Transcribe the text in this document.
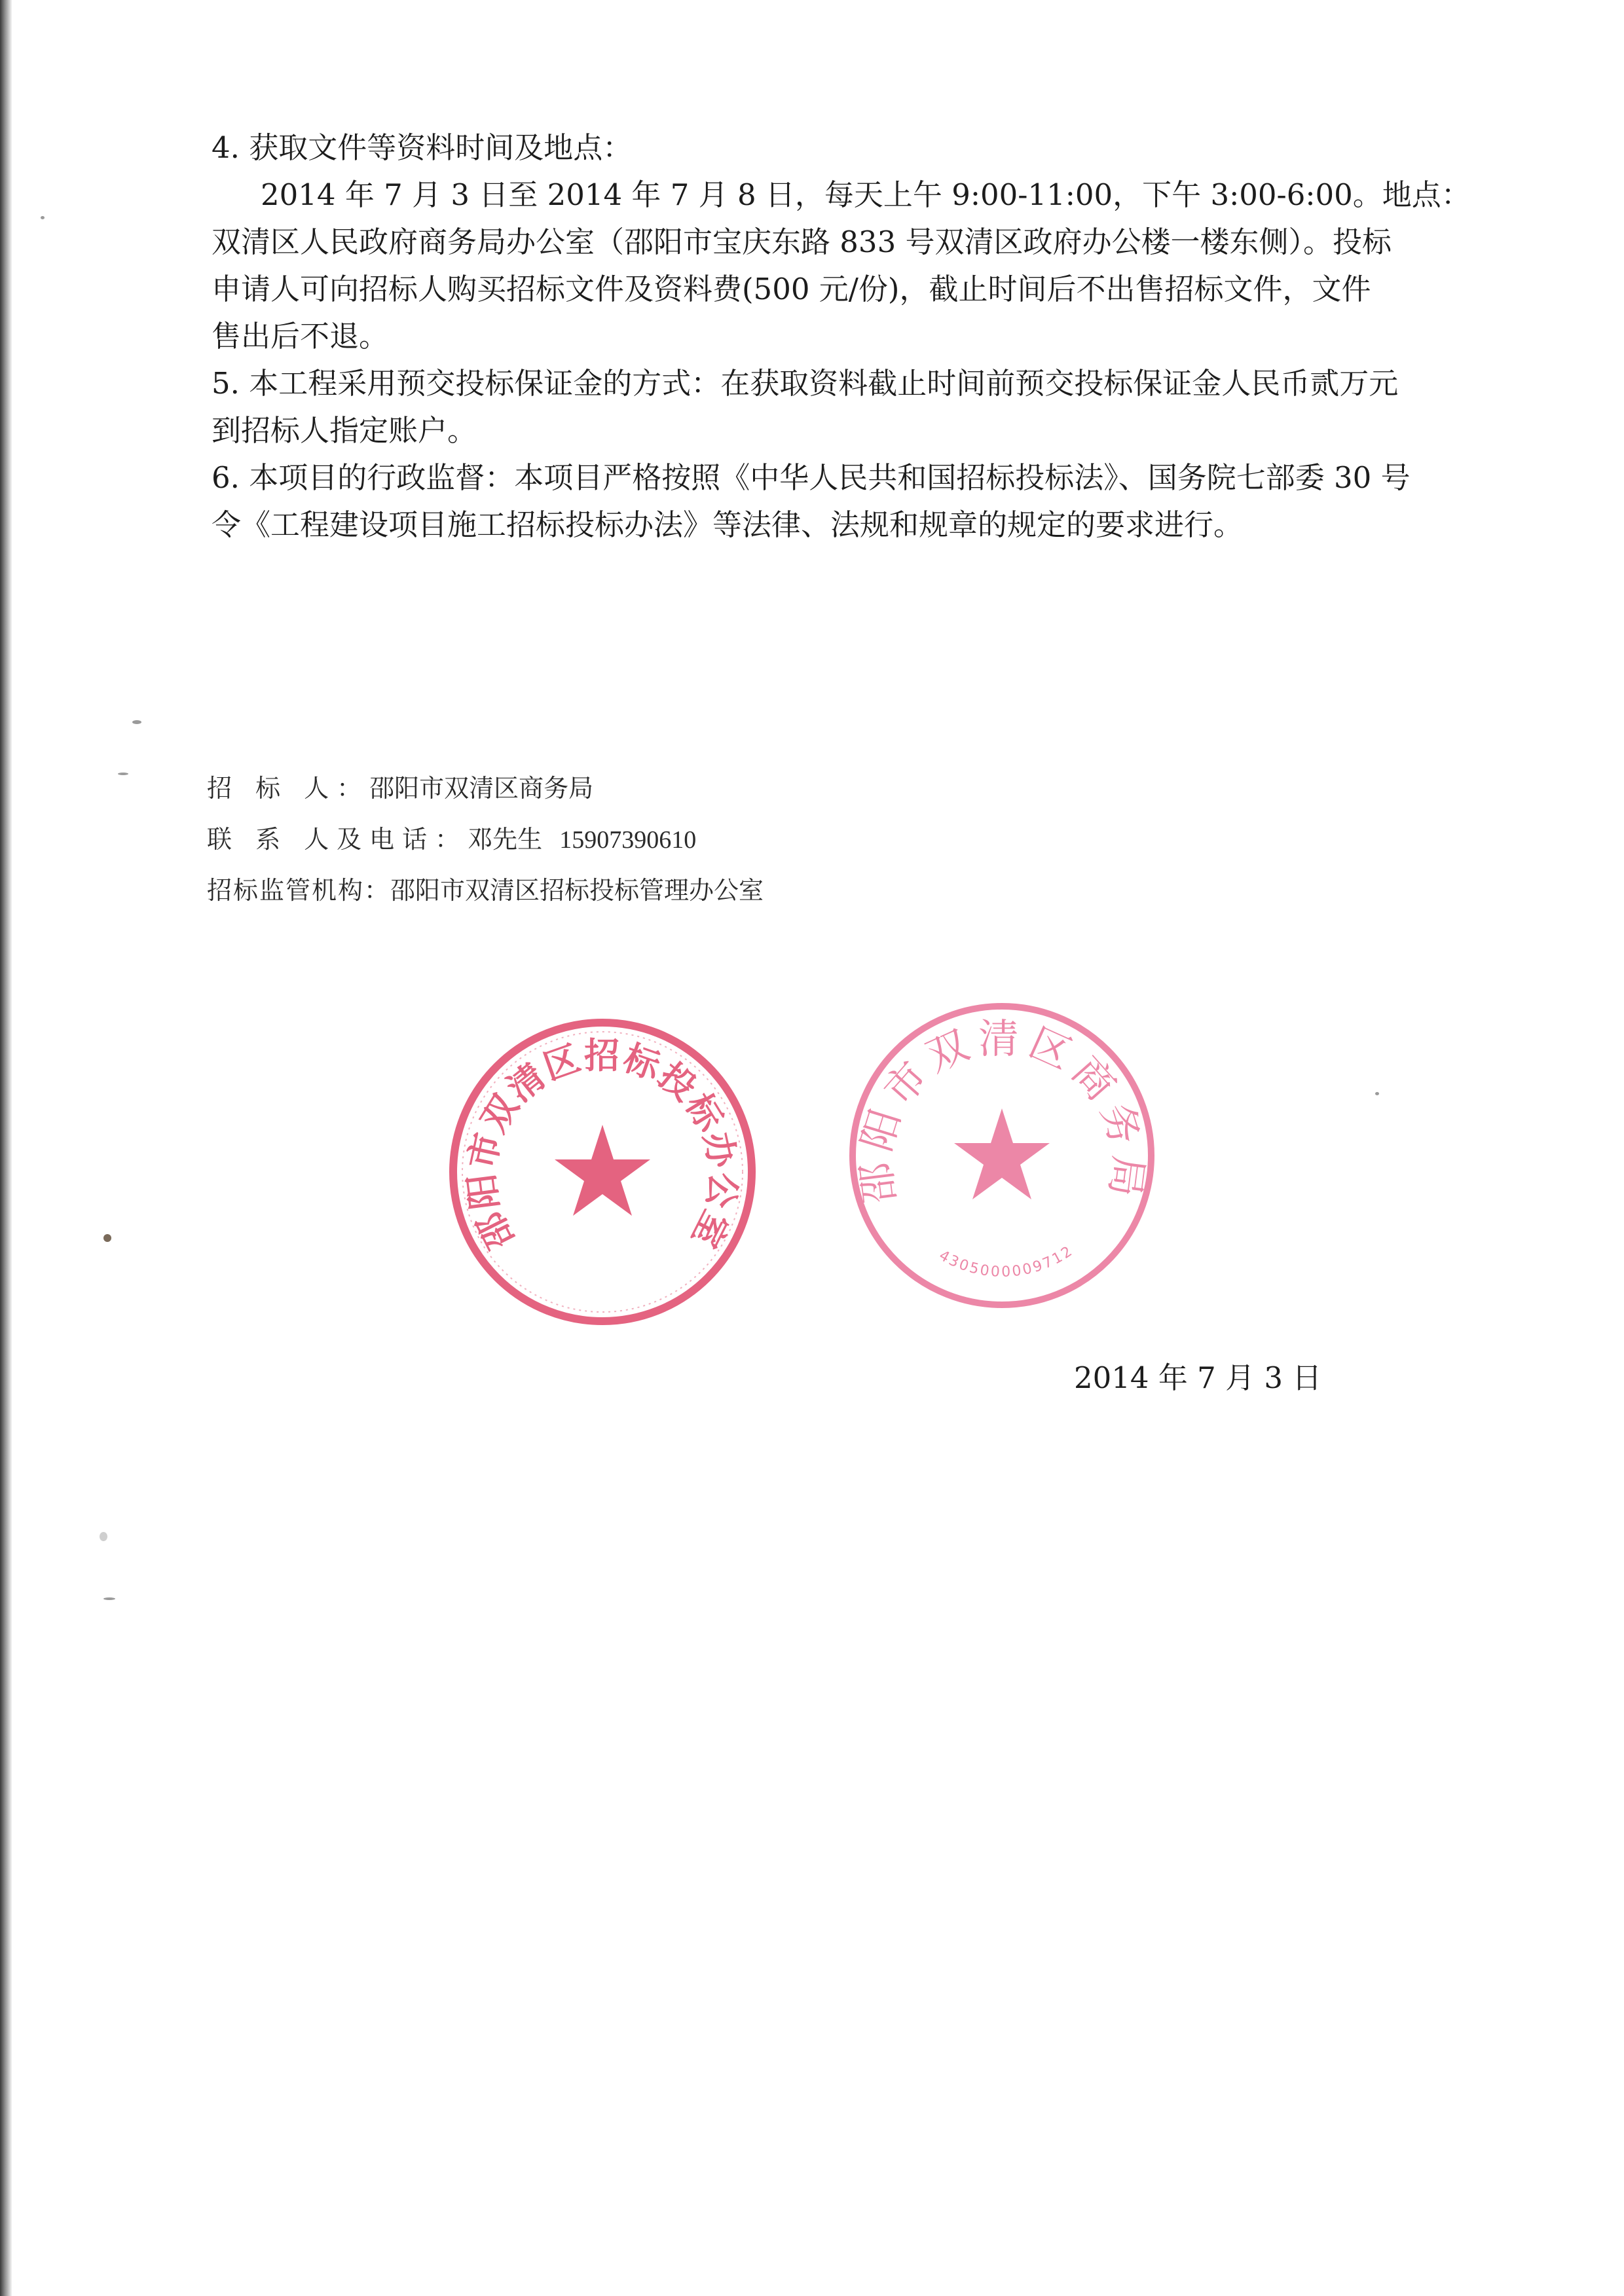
4. 获取文件等资料时间及地点：

2014 年 7 月 3 日至 2014 年 7 月 8 日，每天上午 9:00-11:00，下午 3:00-6:00。地点：

双清区人民政府商务局办公室（邵阳市宝庆东路 833 号双清区政府办公楼一楼东侧）。投标

申请人可向招标人购买招标文件及资料费(500 元/份)，截止时间后不出售招标文件，文件

售出后不退。

5. 本工程采用预交投标保证金的方式：在获取资料截止时间前预交投标保证金人民币贰万元

到招标人指定账户。

6. 本项目的行政监督：本项目严格按照《中华人民共和国招标投标法》、国务院七部委 30 号

令《工程建设项目施工招标投标办法》等法律、法规和规章的规定的要求进行。

招 标 人：邵阳市双清区商务局
联 系 人及电话：邓先生 15907390610
招标监管机构：邵阳市双清区招标投标管理办公室
邵阳市双清区招标投标办公室
邵阳市双清区商务局
4305000009712
2014 年 7 月 3 日
